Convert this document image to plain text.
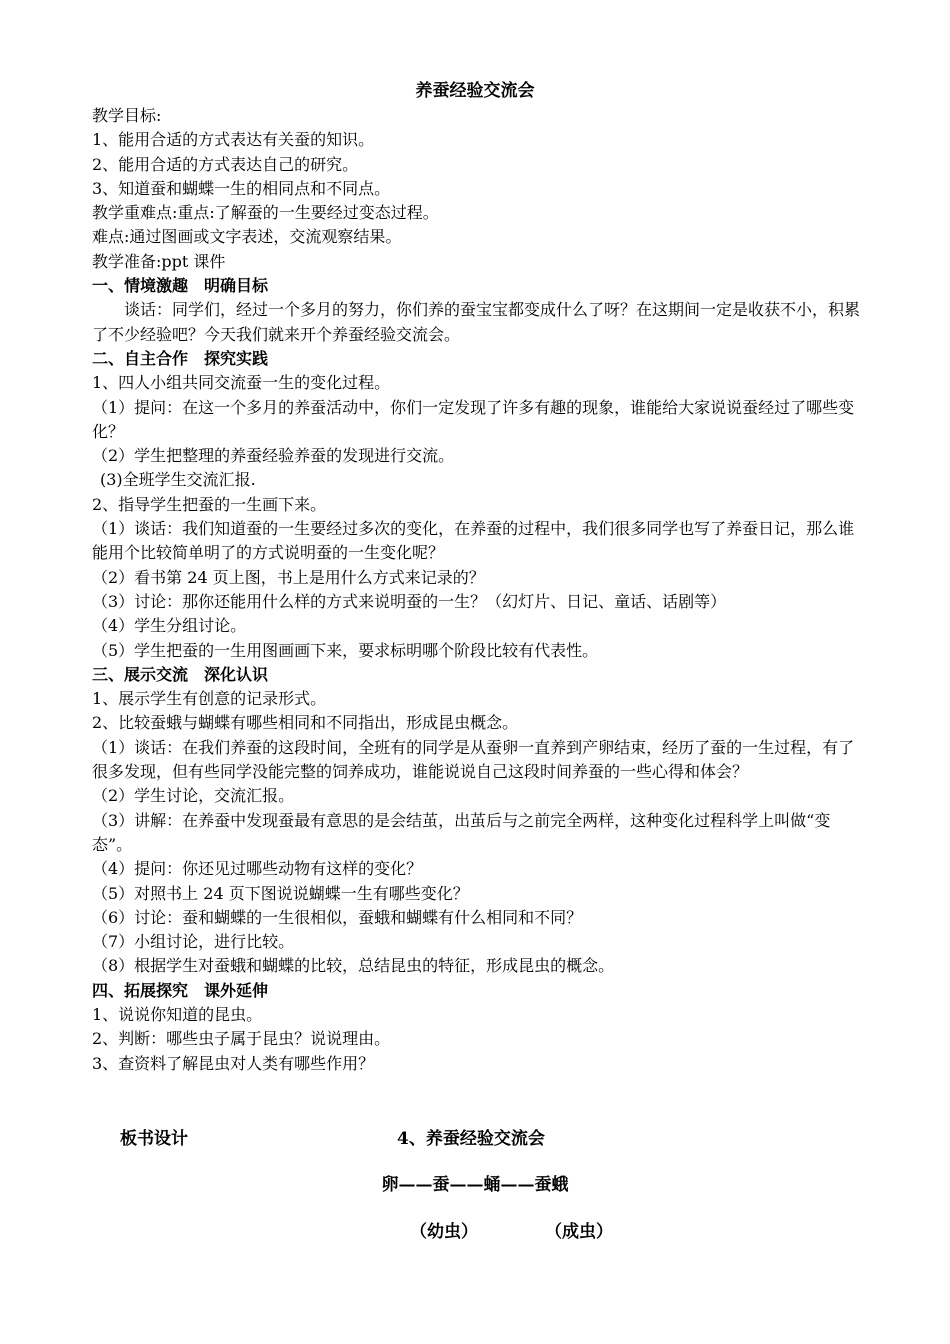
养蚕经验交流会
教学目标:
1、能用合适的方式表达有关蚕的知识。
2、能用合适的方式表达自己的研究。
3、知道蚕和蝴蝶一生的相同点和不同点。
教学重难点:重点:了解蚕的一生要经过变态过程。
难点:通过图画或文字表述，交流观察结果。
教学准备:ppt 课件
一、情境激趣　明确目标
谈话：同学们，经过一个多月的努力，你们养的蚕宝宝都变成什么了呀？在这期间一定是收获不小，积累了不少经验吧？今天我们就来开个养蚕经验交流会。
二、自主合作　探究实践
1、四人小组共同交流蚕一生的变化过程。
（1）提问：在这一个多月的养蚕活动中，你们一定发现了许多有趣的现象，谁能给大家说说蚕经过了哪些变化？
（2）学生把整理的养蚕经验养蚕的发现进行交流。
(3)全班学生交流汇报.
2、指导学生把蚕的一生画下来。
（1）谈话：我们知道蚕的一生要经过多次的变化，在养蚕的过程中，我们很多同学也写了养蚕日记，那么谁能用个比较简单明了的方式说明蚕的一生变化呢？
（2）看书第 24 页上图，书上是用什么方式来记录的？
（3）讨论：那你还能用什么样的方式来说明蚕的一生？（幻灯片、日记、童话、话剧等）
（4）学生分组讨论。
（5）学生把蚕的一生用图画画下来，要求标明哪个阶段比较有代表性。
三、展示交流　深化认识
1、展示学生有创意的记录形式。
2、比较蚕蛾与蝴蝶有哪些相同和不同指出，形成昆虫概念。
（1）谈话：在我们养蚕的这段时间，全班有的同学是从蚕卵一直养到产卵结束，经历了蚕的一生过程，有了很多发现，但有些同学没能完整的饲养成功，谁能说说自己这段时间养蚕的一些心得和体会？
（2）学生讨论，交流汇报。
（3）讲解：在养蚕中发现蚕最有意思的是会结茧，出茧后与之前完全两样，这种变化过程科学上叫做“变态”。
（4）提问：你还见过哪些动物有这样的变化？
（5）对照书上 24 页下图说说蝴蝶一生有哪些变化？
（6）讨论：蚕和蝴蝶的一生很相似，蚕蛾和蝴蝶有什么相同和不同？
（7）小组讨论，进行比较。
（8）根据学生对蚕蛾和蝴蝶的比较，总结昆虫的特征，形成昆虫的概念。
四、拓展探究　课外延伸
1、说说你知道的昆虫。
2、判断：哪些虫子属于昆虫？说说理由。
3、查资料了解昆虫对人类有哪些作用？
板书设计	4、养蚕经验交流会
卵——蚕——蛹——蚕蛾
（幼虫）	（成虫）
